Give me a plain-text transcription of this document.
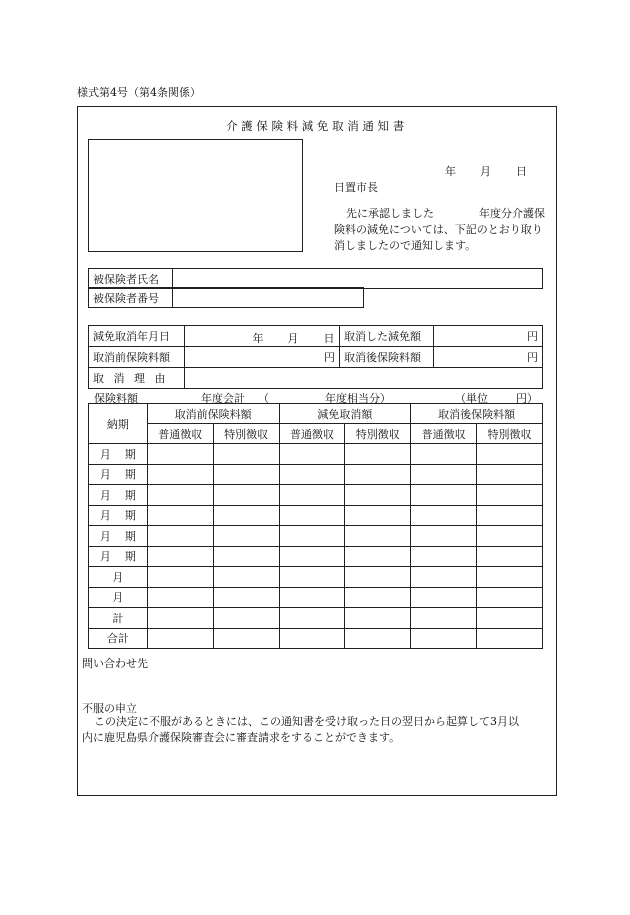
様式第4号（第4条関係）
介 護 保 険 料 減 免 取 消 通 知 書
年 月 日
日置市長
先に承認しました	年度分介護保
険料の減免については、下記のとおり取り
消しましたので通知します。
被保険者氏名	
被保険者番号	
減免取消年月日	年 月 日	取消した減免額	円
取消前保険料額	円	取消後保険料額	円
取 消 理 由			
保険料額	年度会計 （	年度相当分）	（単位	円）
納期	取消前保険料額		減免取消額		取消後保険料額	
	普通徴収	特別徴収	普通徴収	特別徴収	普通徴収	特別徴収
月 期						
月 期						
月 期						
月 期						
月 期						
月 期						
月						
月						
計						
合計						
問い合わせ先
不服の申立
この決定に不服があるときには、この通知書を受け取った日の翌日から起算して3月以
内に鹿児島県介護保険審査会に審査請求をすることができます。
